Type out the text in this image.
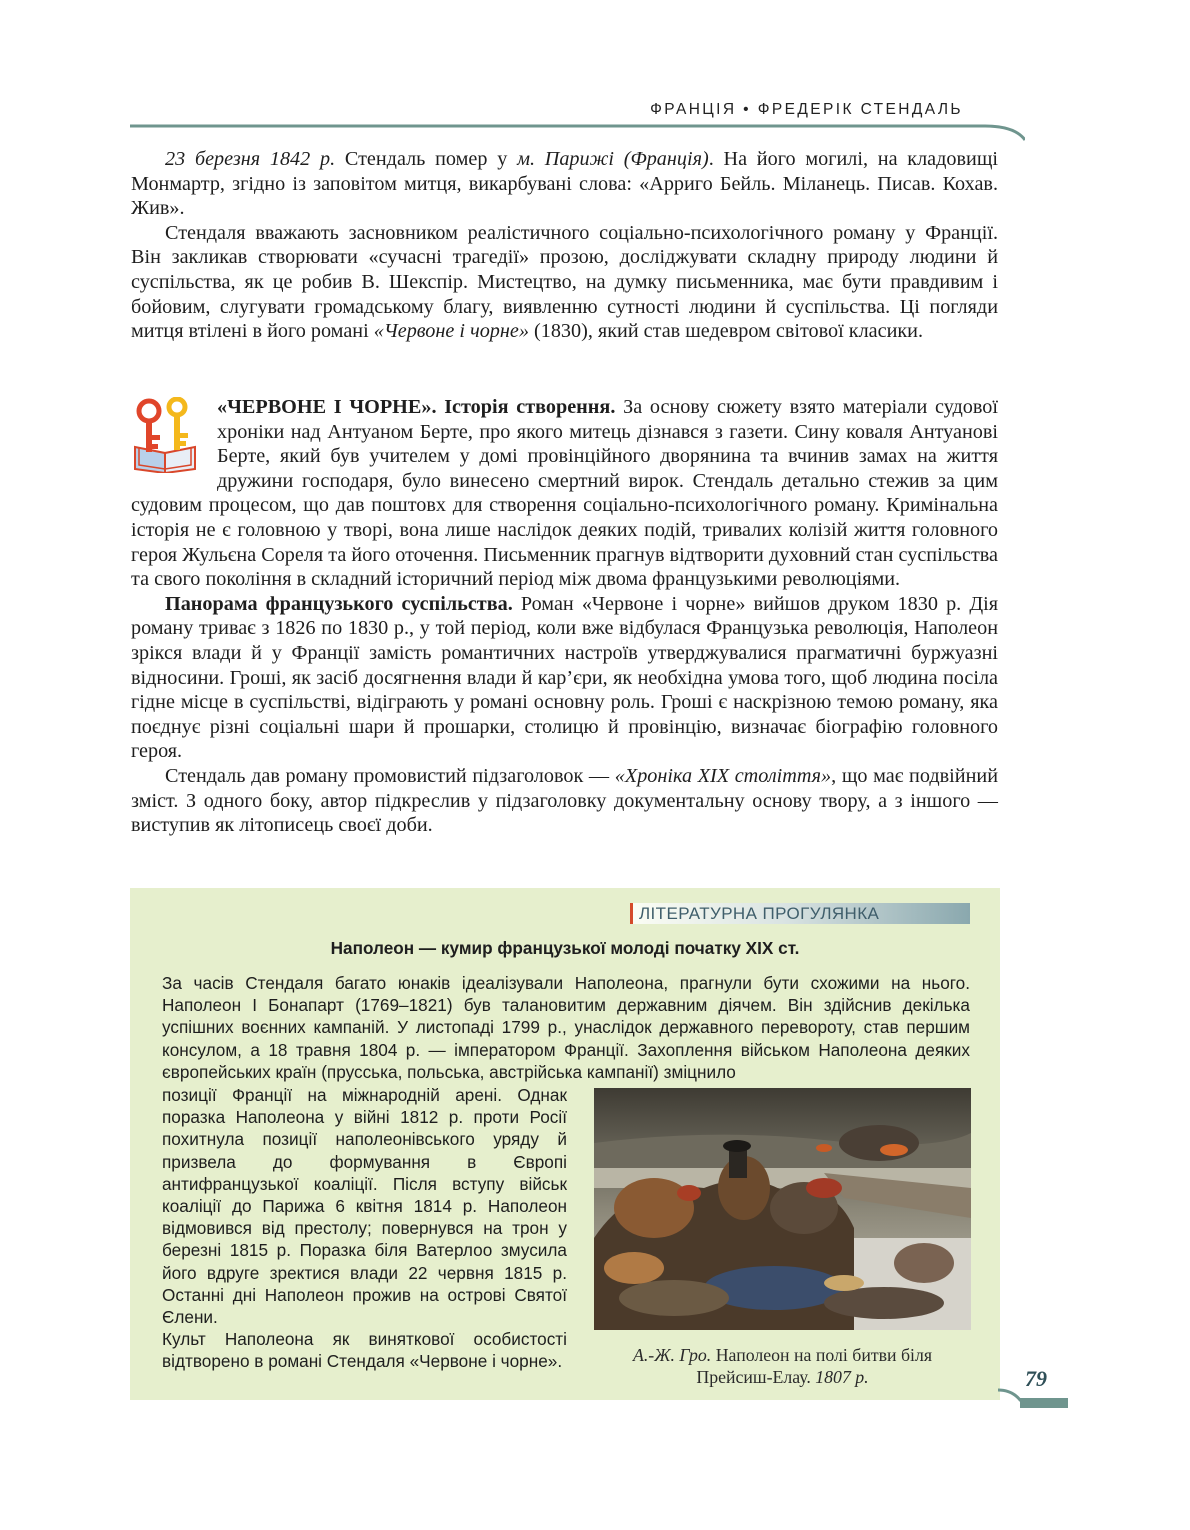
ФРАНЦІЯ • ФРЕДЕРІК СТЕНДАЛЬ

23 березня 1842 р. Стендаль помер у м. Парижі (Франція). На його могилі, на кладовищі Монмартр, згідно із заповітом митця, викарбувані слова: «Арриго Бейль. Міланець. Писав. Кохав. Жив».

Стендаля вважають засновником реалістичного соціально-психологічного роману у Франції. Він закликав створювати «сучасні трагедії» прозою, досліджувати складну природу людини й суспільства, як це робив В. Шекспір. Мистецтво, на думку письменника, має бути правдивим і бойовим, слугувати громадському благу, виявленню сутності людини й суспільства. Ці погляди митця втілені в його романі «Червоне і чорне» (1830), який став шедевром світової класики.

«ЧЕРВОНЕ І ЧОРНЕ». Історія створення. За основу сюжету взято матеріали судової хроніки над Антуаном Берте, про якого митець дізнався з газети. Сину коваля Антуанові Берте, який був учителем у домі провінційного дворянина та вчинив замах на життя дружини господаря, було винесено смертний вирок. Стендаль детально стежив за цим судовим процесом, що дав поштовх для створення соціально-психологічного роману. Кримінальна історія не є головною у творі, вона лише наслідок деяких подій, тривалих колізій життя головного героя Жульєна Сореля та його оточення. Письменник прагнув відтворити духовний стан суспільства та свого покоління в складний історичний період між двома французькими революціями.

Панорама французького суспільства. Роман «Червоне і чорне» вийшов друком 1830 р. Дія роману триває з 1826 по 1830 р., у той період, коли вже відбулася Французька революція, Наполеон зрікся влади й у Франції замість романтичних настроїв утверджувалися прагматичні буржуазні відносини. Гроші, як засіб досягнення влади й кар’єри, як необхідна умова того, щоб людина посіла гідне місце в суспільстві, відіграють у романі основну роль. Гроші є наскрізною темою роману, яка поєднує різні соціальні шари й прошарки, столицю й провінцію, визначає біографію головного героя.

Стендаль дав роману промовистий підзаголовок — «Хроніка XIX століття», що має подвійний зміст. З одного боку, автор підкреслив у підзаголовку документальну основу твору, а з іншого — виступив як літописець своєї доби.

ЛІТЕРАТУРНА ПРОГУЛЯНКА
Наполеон — кумир французької молоді початку XIX ст.

За часів Стендаля багато юнаків ідеалізували Наполеона, прагнули бути схожими на нього. Наполеон І Бонапарт (1769–1821) був талановитим державним діячем. Він здійснив декілька успішних воєнних кампаній. У листопаді 1799 р., унаслідок державного перевороту, став першим консулом, а 18 травня 1804 р. — імператором Франції. Захоплення військом Наполеона деяких європейських країн (прусська, польська, австрійська кампанії) зміцнило

позиції Франції на міжнародній арені. Однак поразка Наполеона у війні 1812 р. проти Росії похитнула позиції наполеонівського уряду й призвела до формування в Європі антифранцузької коаліції. Після вступу військ коаліції до Парижа 6 квітня 1814 р. Наполеон відмовився від престолу; повернувся на трон у березні 1815 р. Поразка біля Ватерлоо змусила його вдруге зректися влади 22 червня 1815 р. Останні дні Наполеон прожив на острові Святої Єлени.

Культ Наполеона як виняткової особистості відтворено в романі Стендаля «Червоне і чорне».	А.-Ж. Гро. Наполеон на полі битви біля Прейсиш-Елау. 1807 р.	79
